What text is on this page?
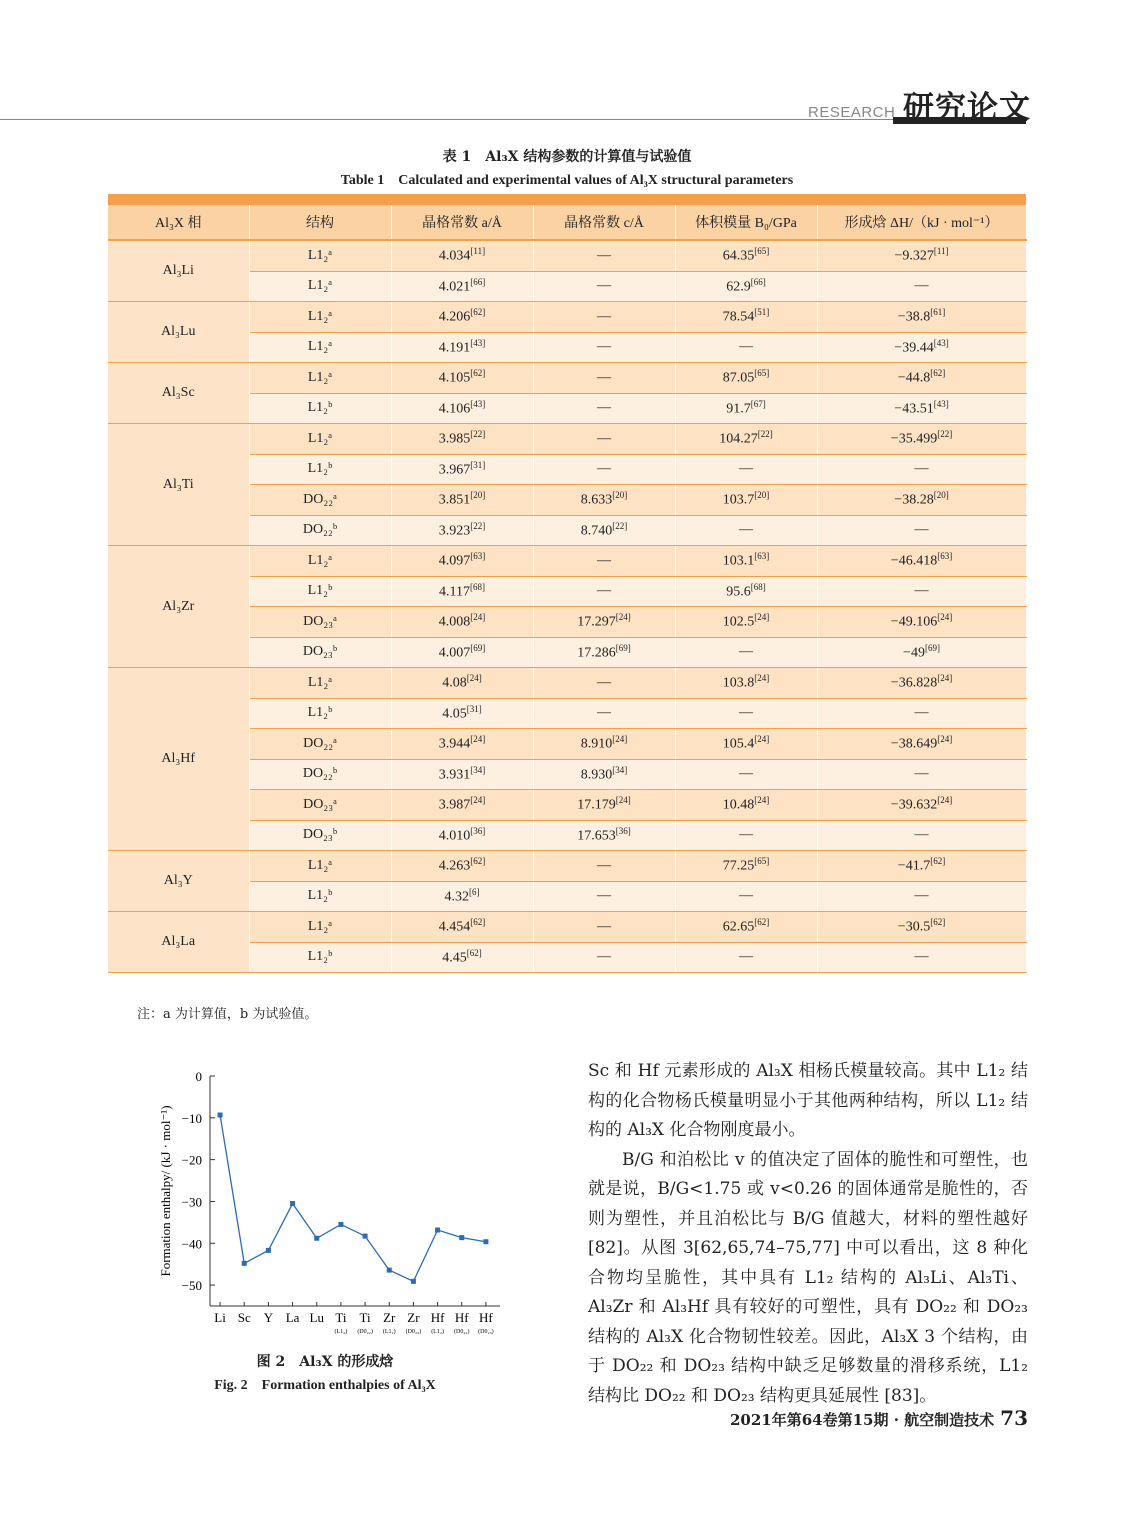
RESEARCH 研究论文
表 1　Al₃X 结构参数的计算值与试验值
Table 1　Calculated and experimental values of Al₃X structural parameters
Al₃X 相	结构	晶格常数 a/Å	晶格常数 c/Å	体积模量 B₀/GPa	形成焓 ΔH/（kJ · mol⁻¹）
Al₃Li	L1₂ᵃ	4.034[11]	—	64.35[65]	−9.327[11]
	L1₂ᵃ	4.021[66]	—	62.9[66]	—
Al₃Lu	L1₂ᵃ	4.206[62]	—	78.54[51]	−38.8[61]
	L1₂ᵃ	4.191[43]	—	—	−39.44[43]
Al₃Sc	L1₂ᵃ	4.105[62]	—	87.05[65]	−44.8[62]
	L1₂ᵇ	4.106[43]	—	91.7[67]	−43.51[43]
Al₃Ti	L1₂ᵃ	3.985[22]	—	104.27[22]	−35.499[22]
	L1₂ᵇ	3.967[31]	—	—	—
	DO₂₂ᵃ	3.851[20]	8.633[20]	103.7[20]	−38.28[20]
	DO₂₂ᵇ	3.923[22]	8.740[22]	—	—
Al₃Zr	L1₂ᵃ	4.097[63]	—	103.1[63]	−46.418[63]
	L1₂ᵇ	4.117[68]	—	95.6[68]	—
	DO₂₃ᵃ	4.008[24]	17.297[24]	102.5[24]	−49.106[24]
	DO₂₃ᵇ	4.007[69]	17.286[69]	—	−49[69]
Al₃Hf	L1₂ᵃ	4.08[24]	—	103.8[24]	−36.828[24]
	L1₂ᵇ	4.05[31]	—	—	—
	DO₂₂ᵃ	3.944[24]	8.910[24]	105.4[24]	−38.649[24]
	DO₂₂ᵇ	3.931[34]	8.930[34]	—	—
	DO₂₃ᵃ	3.987[24]	17.179[24]	10.48[24]	−39.632[24]
	DO₂₃ᵇ	4.010[36]	17.653[36]	—	—
Al₃Y	L1₂ᵃ	4.263[62]	—	77.25[65]	−41.7[62]
	L1₂ᵇ	4.32[6]	—	—	—
Al₃La	L1₂ᵃ	4.454[62]	—	62.65[62]	−30.5[62]
	L1₂ᵇ	4.45[62]	—	—	—
注：a 为计算值，b 为试验值。
0
−10
−20
−30
−40
−50
Li Sc Y La Lu Ti
(L1₂)
Ti
(D0₂₂)
Zr
(L1₂)
Zr
(D0₂₃)
Hf
(L1₂)
Hf
(D0₂₂)
Hf
(D0₂₃)
Formation enthalpy/ (kJ · mol⁻¹)
图 2　Al₃X 的形成焓
Fig. 2　Formation enthalpies of Al₃X

Sc 和 Hf 元素形成的 Al₃X 相杨氏模量较高。其中 L1₂ 结构的化合物杨氏模量明显小于其他两种结构，所以 L1₂ 结构的 Al₃X 化合物刚度最小。

B/G 和泊松比 v 的值决定了固体的脆性和可塑性，也就是说，B/G<1.75 或 v<0.26 的固体通常是脆性的，否则为塑性，并且泊松比与 B/G 值越大，材料的塑性越好 [82]。从图 3[62,65,74–75,77] 中可以看出，这 8 种化合物均呈脆性，其中具有 L1₂ 结构的 Al₃Li、Al₃Ti、Al₃Zr 和 Al₃Hf 具有较好的可塑性，具有 DO₂₂ 和 DO₂₃ 结构的 Al₃X 化合物韧性较差。因此，Al₃X 3 个结构，由于 DO₂₂ 和 DO₂₃ 结构中缺乏足够数量的滑移系统，L1₂ 结构比 DO₂₂ 和 DO₂₃ 结构更具延展性 [83]。

2021年第64卷第15期 · 航空制造技术 73
